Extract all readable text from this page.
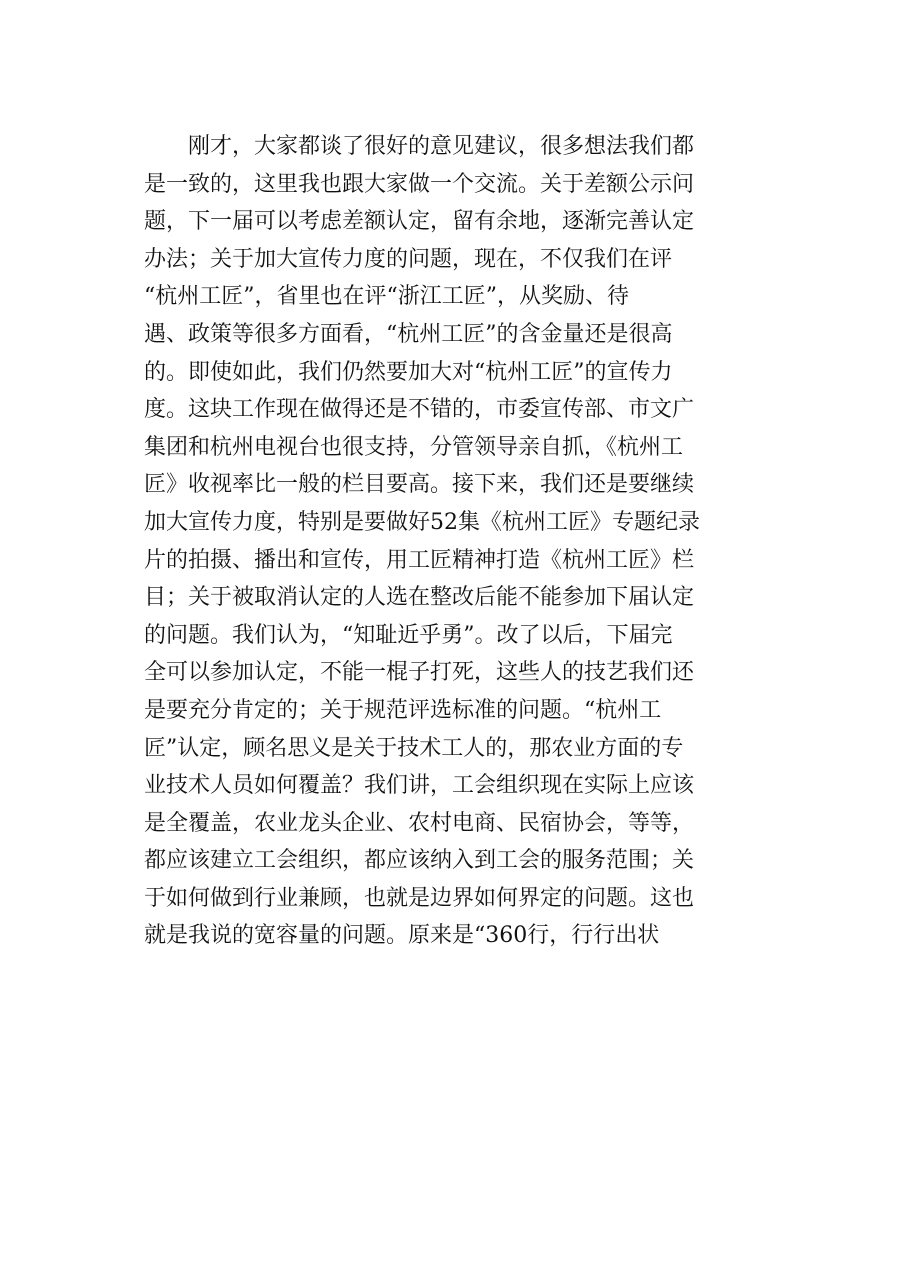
刚才，大家都谈了很好的意见建议，很多想法我们都
是一致的，这里我也跟大家做一个交流。关于差额公示问
题，下一届可以考虑差额认定，留有余地，逐渐完善认定
办法；关于加大宣传力度的问题，现在，不仅我们在评
“杭州工匠”，省里也在评“浙江工匠”，从奖励、待
遇、政策等很多方面看，“杭州工匠”的含金量还是很高
的。即使如此，我们仍然要加大对“杭州工匠”的宣传力
度。这块工作现在做得还是不错的，市委宣传部、市文广
集团和杭州电视台也很支持，分管领导亲自抓，《杭州工
匠》收视率比一般的栏目要高。接下来，我们还是要继续
加大宣传力度，特别是要做好52集《杭州工匠》专题纪录
片的拍摄、播出和宣传，用工匠精神打造《杭州工匠》栏
目；关于被取消认定的人选在整改后能不能参加下届认定
的问题。我们认为，“知耻近乎勇”。改了以后，下届完
全可以参加认定，不能一棍子打死，这些人的技艺我们还
是要充分肯定的；关于规范评选标准的问题。“杭州工
匠”认定，顾名思义是关于技术工人的，那农业方面的专
业技术人员如何覆盖？我们讲，工会组织现在实际上应该
是全覆盖，农业龙头企业、农村电商、民宿协会，等等，
都应该建立工会组织，都应该纳入到工会的服务范围；关
于如何做到行业兼顾，也就是边界如何界定的问题。这也
就是我说的宽容量的问题。原来是“360行，行行出状
